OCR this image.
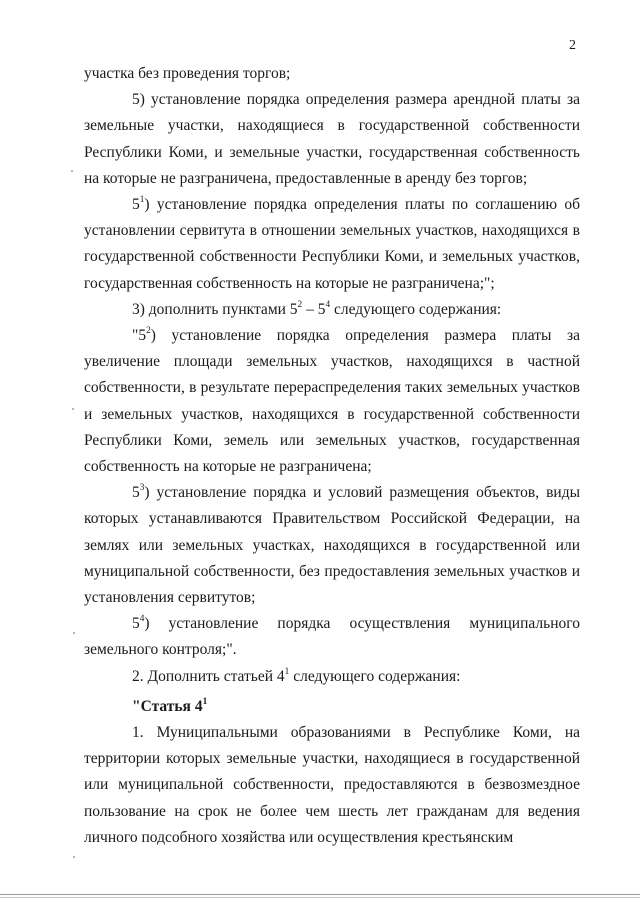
2

участка без проведения торгов;

5) установление порядка определения размера арендной платы за земельные участки, находящиеся в государственной собственности Республики Коми, и земельные участки, государственная собственность на которые не разграничена, предоставленные в аренду без торгов;

$5^1$) установление порядка определения платы по соглашению об установлении сервитута в отношении земельных участков, находящихся в государственной собственности Республики Коми, и земельных участков, государственная собственность на которые не разграничена;";

3) дополнить пунктами $5^2 - 5^4$ следующего содержания:

"$5^2$) установление порядка определения размера платы за увеличение площади земельных участков, находящихся в частной собственности, в результате перераспределения таких земельных участков и земельных участков, находящихся в государственной собственности Республики Коми, земель или земельных участков, государственная собственность на которые не разграничена;

$5^3$) установление порядка и условий размещения объектов, виды которых устанавливаются Правительством Российской Федерации, на землях или земельных участках, находящихся в государственной или муниципальной собственности, без предоставления земельных участков и установления сервитутов;

$5^4$) установление порядка осуществления муниципального земельного контроля;".

2. Дополнить статьей $4^1$ следующего содержания:

"Статья $4^1$

1. Муниципальными образованиями в Республике Коми, на территории которых земельные участки, находящиеся в государственной или муниципальной собственности, предоставляются в безвозмездное пользование на срок не более чем шесть лет гражданам для ведения личного подсобного хозяйства или осуществления крестьянским
